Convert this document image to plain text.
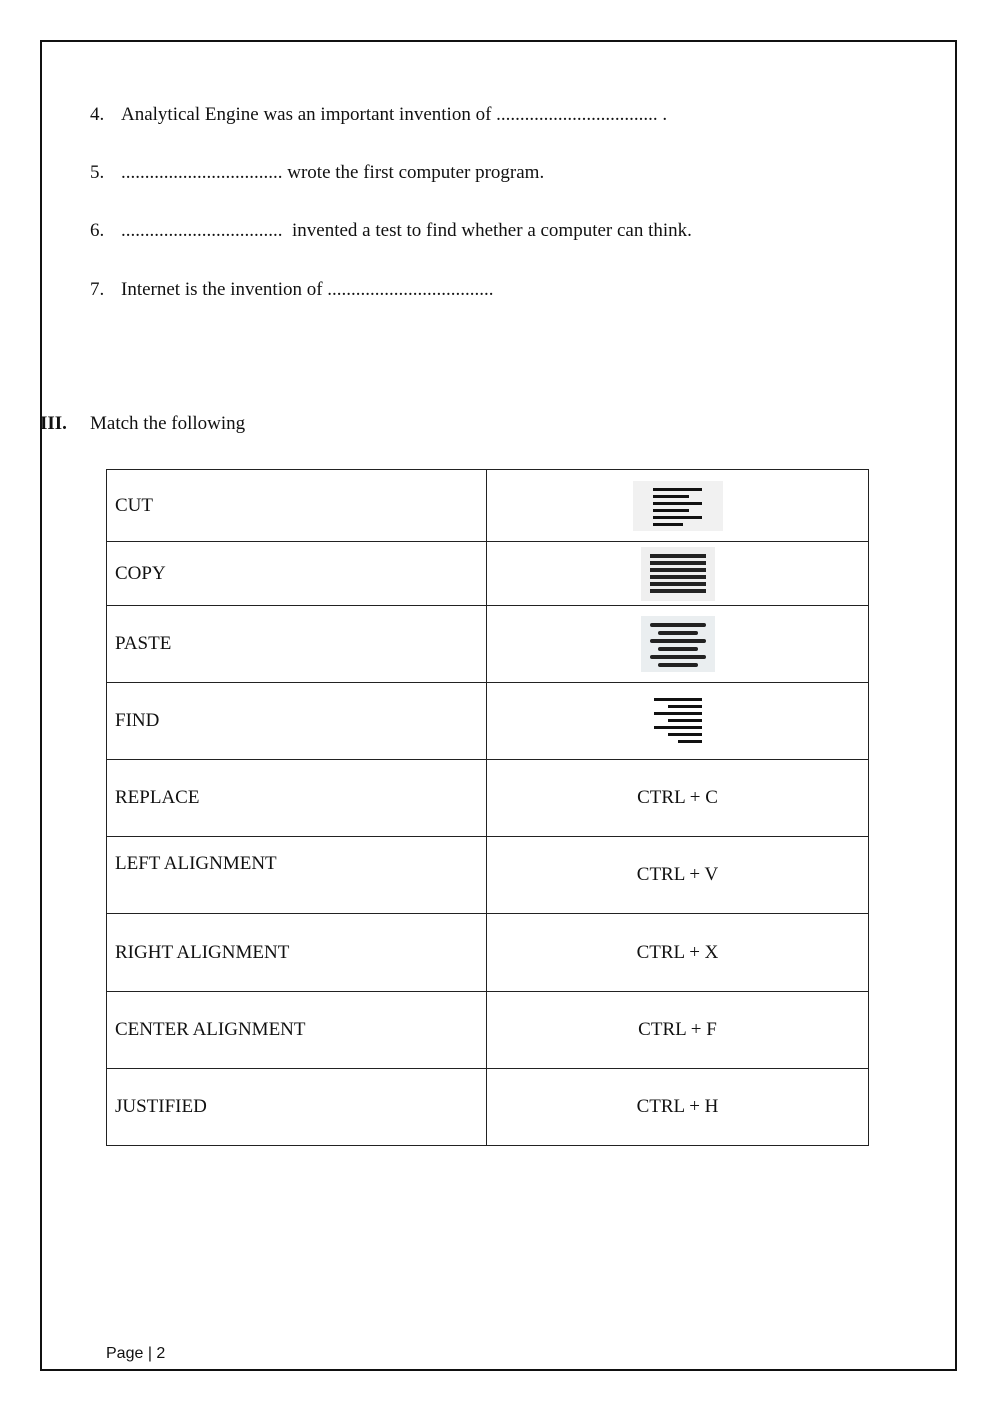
4. Analytical Engine was an important invention of .................................. .
5. .................................. wrote the first computer program.
6. ..................................  invented a test to find whether a computer can think.
7. Internet is the invention of ...................................
III. Match the following
CUT	
COPY	
PASTE	
FIND	
REPLACE	CTRL + C
LEFT ALIGNMENT	CTRL + V
RIGHT ALIGNMENT	CTRL + X
CENTER ALIGNMENT	CTRL + F
JUSTIFIED	CTRL + H
Page | 2
